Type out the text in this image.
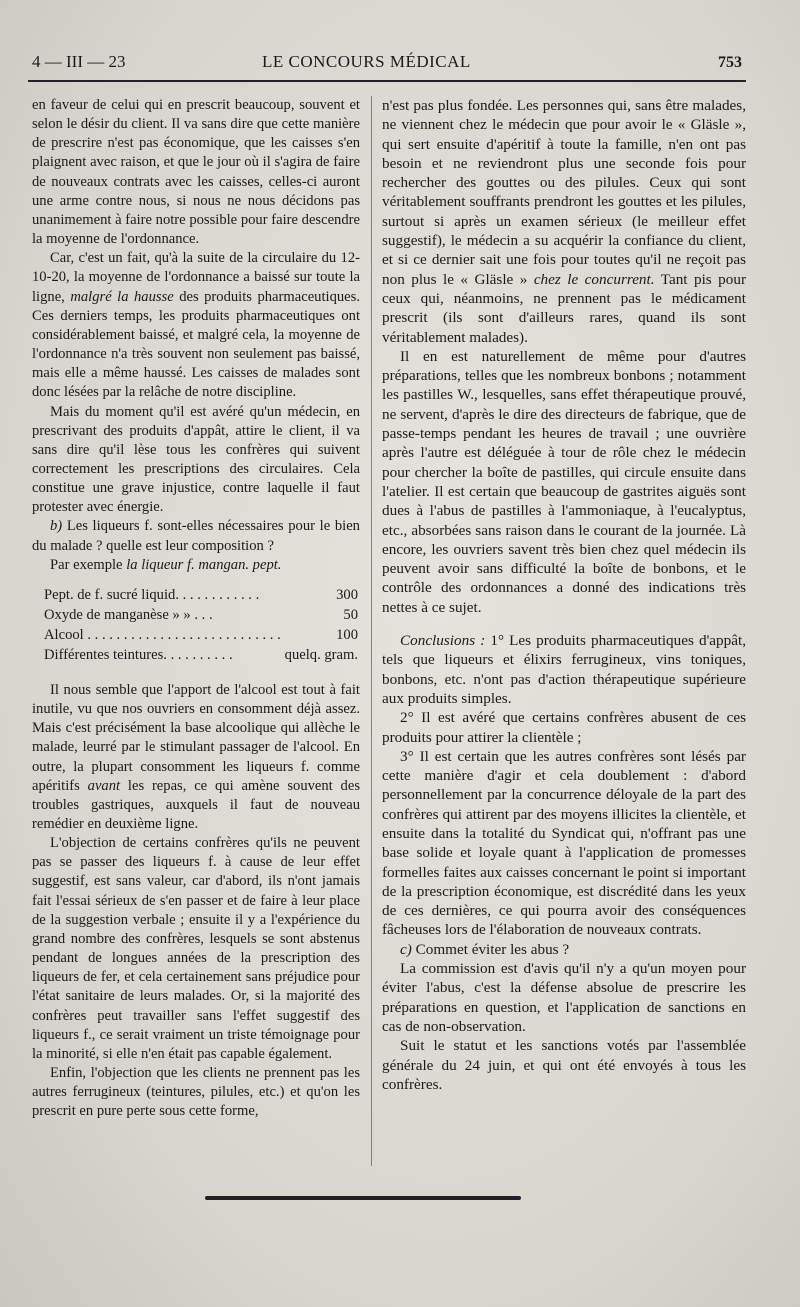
4 — III — 23	LE CONCOURS MÉDICAL	753

en faveur de celui qui en prescrit beaucoup, souvent et selon le désir du client. Il va sans dire que cette manière de prescrire n'est pas économique, que les caisses s'en plaignent avec raison, et que le jour où il s'agira de faire de nouveaux contrats avec les caisses, celles-ci auront une arme contre nous, si nous ne nous décidons pas unanimement à faire notre possible pour faire descendre la moyenne de l'ordonnance.

Car, c'est un fait, qu'à la suite de la circulaire du 12-10-20, la moyenne de l'ordonnance a baissé sur toute la ligne, malgré la hausse des produits pharmaceutiques. Ces derniers temps, les produits pharmaceutiques ont considérablement baissé, et malgré cela, la moyenne de l'ordonnance n'a très souvent non seulement pas baissé, mais elle a même haussé. Les caisses de malades sont donc lésées par la relâche de notre discipline.

Mais du moment qu'il est avéré qu'un médecin, en prescrivant des produits d'appât, attire le client, il va sans dire qu'il lèse tous les confrères qui suivent correctement les prescriptions des circulaires. Cela constitue une grave injustice, contre laquelle il faut protester avec énergie.

b) Les liqueurs f. sont-elles nécessaires pour le bien du malade ? quelle est leur composition ?

Par exemple la liqueur f. mangan. pept.

Pept. de f. sucré liquid. . . . . . . . . . . .	300
Oxyde de manganèse » » . . .	50
Alcool . . . . . . . . . . . . . . . . . . . . . . . . . . .	100
Différentes teintures. . . . . . . . . .	quelq. gram.

Il nous semble que l'apport de l'alcool est tout à fait inutile, vu que nos ouvriers en consomment déjà assez. Mais c'est précisément la base alcoolique qui allèche le malade, leurré par le stimulant passager de l'alcool. En outre, la plupart consomment les liqueurs f. comme apéritifs avant les repas, ce qui amène souvent des troubles gastriques, auxquels il faut de nouveau remédier en deuxième ligne.

L'objection de certains confrères qu'ils ne peuvent pas se passer des liqueurs f. à cause de leur effet suggestif, est sans valeur, car d'abord, ils n'ont jamais fait l'essai sérieux de s'en passer et de faire à leur place de la suggestion verbale ; ensuite il y a l'expérience du grand nombre des confrères, lesquels se sont abstenus pendant de longues années de la prescription des liqueurs de fer, et cela certainement sans préjudice pour l'état sanitaire de leurs malades. Or, si la majorité des confrères peut travailler sans l'effet suggestif des liqueurs f., ce serait vraiment un triste témoignage pour la minorité, si elle n'en était pas capable également.

Enfin, l'objection que les clients ne prennent pas les autres ferrugineux (teintures, pilules, etc.) et qu'on les prescrit en pure perte sous cette forme,

n'est pas plus fondée. Les personnes qui, sans être malades, ne viennent chez le médecin que pour avoir le « Gläsle », qui sert ensuite d'apéritif à toute la famille, n'en ont pas besoin et ne reviendront plus une seconde fois pour rechercher des gouttes ou des pilules. Ceux qui sont véritablement souffrants prendront les gouttes et les pilules, surtout si après un examen sérieux (le meilleur effet suggestif), le médecin a su acquérir la confiance du client, et si ce dernier sait une fois pour toutes qu'il ne reçoit pas non plus le « Gläsle » chez le concurrent. Tant pis pour ceux qui, néanmoins, ne prennent pas le médicament prescrit (ils sont d'ailleurs rares, quand ils sont véritablement malades).

Il en est naturellement de même pour d'autres préparations, telles que les nombreux bonbons ; notamment les pastilles W., lesquelles, sans effet thérapeutique prouvé, ne servent, d'après le dire des directeurs de fabrique, que de passe-temps pendant les heures de travail ; une ouvrière après l'autre est déléguée à tour de rôle chez le médecin pour chercher la boîte de pastilles, qui circule ensuite dans l'atelier. Il est certain que beaucoup de gastrites aiguës sont dues à l'abus de pastilles à l'ammoniaque, à l'eucalyptus, etc., absorbées sans raison dans le courant de la journée. Là encore, les ouvriers savent très bien chez quel médecin ils peuvent avoir sans difficulté la boîte de bonbons, et le contrôle des ordonnances a donné des indications très nettes à ce sujet.

Conclusions : 1° Les produits pharmaceutiques d'appât, tels que liqueurs et élixirs ferrugineux, vins toniques, bonbons, etc. n'ont pas d'action thérapeutique supérieure aux produits simples.

2° Il est avéré que certains confrères abusent de ces produits pour attirer la clientèle ;

3° Il est certain que les autres confrères sont lésés par cette manière d'agir et cela doublement : d'abord personnellement par la concurrence déloyale de la part des confrères qui attirent par des moyens illicites la clientèle, et ensuite dans la totalité du Syndicat qui, n'offrant pas une base solide et loyale quant à l'application de promesses formelles faites aux caisses concernant le point si important de la prescription économique, est discrédité dans les yeux de ces dernières, ce qui pourra avoir des conséquences fâcheuses lors de l'élaboration de nouveaux contrats.

c) Commet éviter les abus ?

La commission est d'avis qu'il n'y a qu'un moyen pour éviter l'abus, c'est la défense absolue de prescrire les préparations en question, et l'application de sanctions en cas de non-observation.

Suit le statut et les sanctions votés par l'assemblée générale du 24 juin, et qui ont été envoyés à tous les confrères.
